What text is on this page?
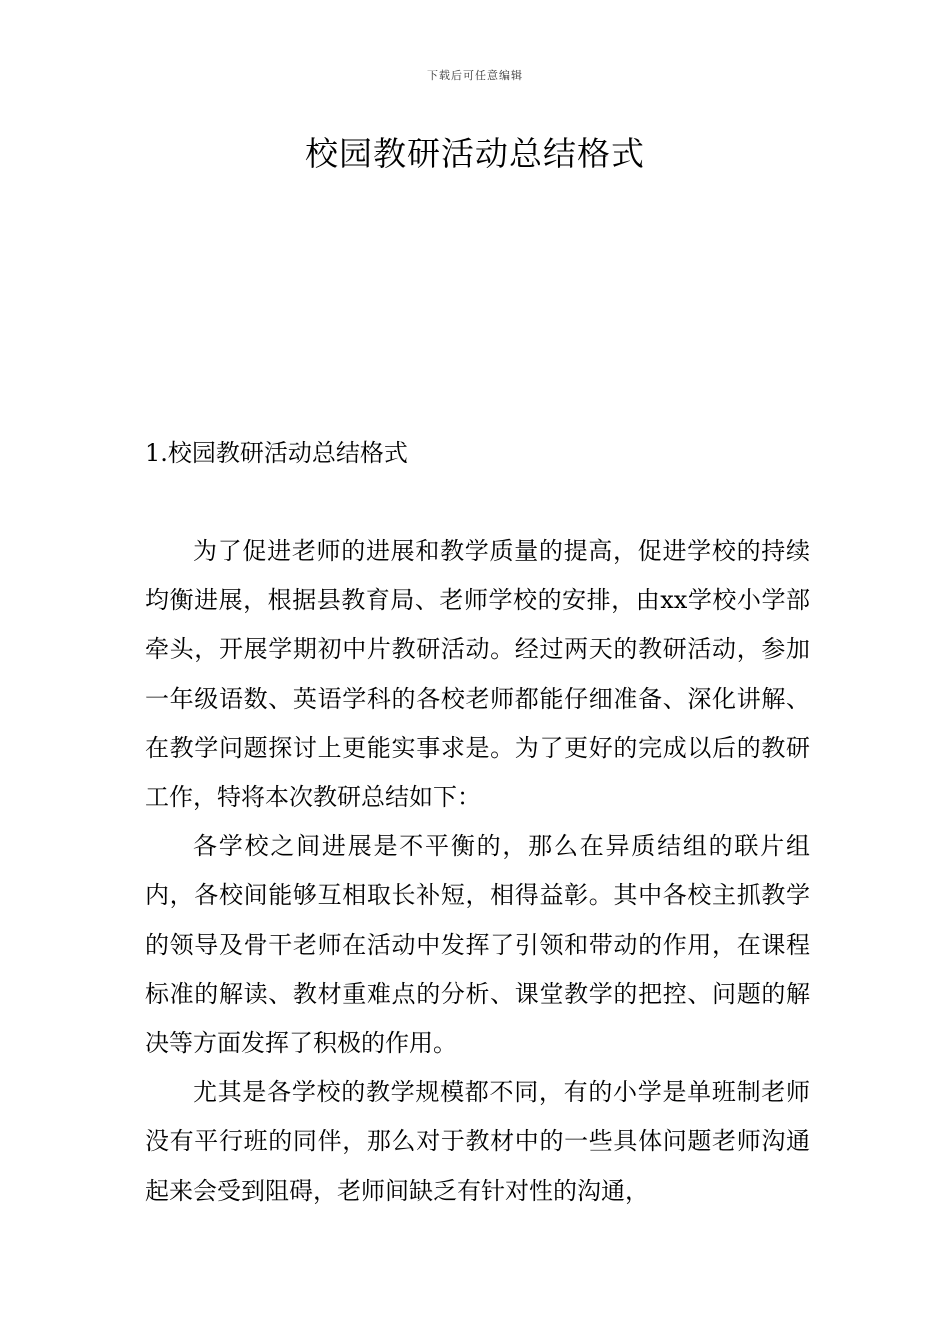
下载后可任意编辑
校园教研活动总结格式
1.校园教研活动总结格式

为了促进老师的进展和教学质量的提高，促进学校的持续均衡进展，根据县教育局、老师学校的安排，由xx学校小学部牵头，开展学期初中片教研活动。经过两天的教研活动，参加一年级语数、英语学科的各校老师都能仔细准备、深化讲解、在教学问题探讨上更能实事求是。为了更好的完成以后的教研工作，特将本次教研总结如下：

各学校之间进展是不平衡的，那么在异质结组的联片组内，各校间能够互相取长补短，相得益彰。其中各校主抓教学的领导及骨干老师在活动中发挥了引领和带动的作用，在课程标准的解读、教材重难点的分析、课堂教学的把控、问题的解决等方面发挥了积极的作用。

尤其是各学校的教学规模都不同，有的小学是单班制老师没有平行班的同伴，那么对于教材中的一些具体问题老师沟通起来会受到阻碍，老师间缺乏有针对性的沟通，
